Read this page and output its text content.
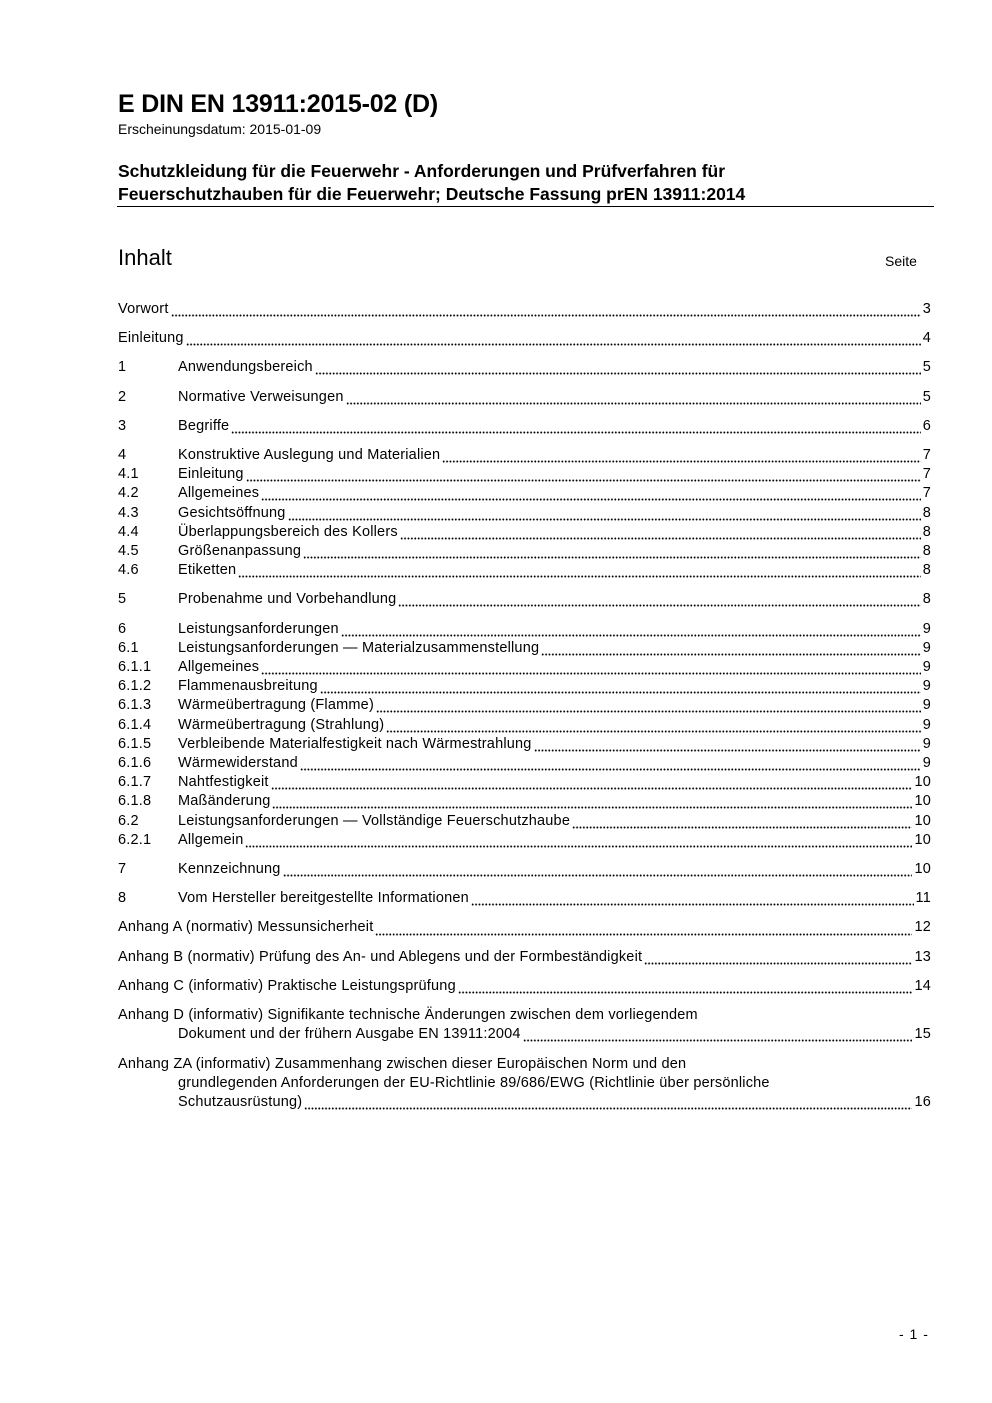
E DIN EN 13911:2015-02 (D)
Erscheinungsdatum: 2015-01-09
Schutzkleidung für die Feuerwehr - Anforderungen und Prüfverfahren für
Feuerschutzhauben für die Feuerwehr; Deutsche Fassung prEN 13911:2014
Inhalt	Seite
Vorwort	3
Einleitung	4
1	Anwendungsbereich	5
2	Normative Verweisungen	5
3	Begriffe	6
4	Konstruktive Auslegung und Materialien	7
4.1	Einleitung	7
4.2	Allgemeines	7
4.3	Gesichtsöffnung	8
4.4	Überlappungsbereich des Kollers	8
4.5	Größenanpassung	8
4.6	Etiketten	8
5	Probenahme und Vorbehandlung	8
6	Leistungsanforderungen	9
6.1	Leistungsanforderungen — Materialzusammenstellung	9
6.1.1	Allgemeines	9
6.1.2	Flammenausbreitung	9
6.1.3	Wärmeübertragung (Flamme)	9
6.1.4	Wärmeübertragung (Strahlung)	9
6.1.5	Verbleibende Materialfestigkeit nach Wärmestrahlung	9
6.1.6	Wärmewiderstand	9
6.1.7	Nahtfestigkeit	10
6.1.8	Maßänderung	10
6.2	Leistungsanforderungen — Vollständige Feuerschutzhaube	10
6.2.1	Allgemein	10
7	Kennzeichnung	10
8	Vom Hersteller bereitgestellte Informationen	11
Anhang A (normativ) Messunsicherheit	12
Anhang B (normativ) Prüfung des An- und Ablegens und der Formbeständigkeit	13
Anhang C (informativ) Praktische Leistungsprüfung	14
Anhang D (informativ) Signifikante technische Änderungen zwischen dem vorliegendem
Dokument und der frühern Ausgabe EN 13911:2004	15
Anhang ZA (informativ) Zusammenhang zwischen dieser Europäischen Norm und den
grundlegenden Anforderungen der EU-Richtlinie 89/686/EWG (Richtlinie über persönliche
Schutzausrüstung)	16
- 1 -
